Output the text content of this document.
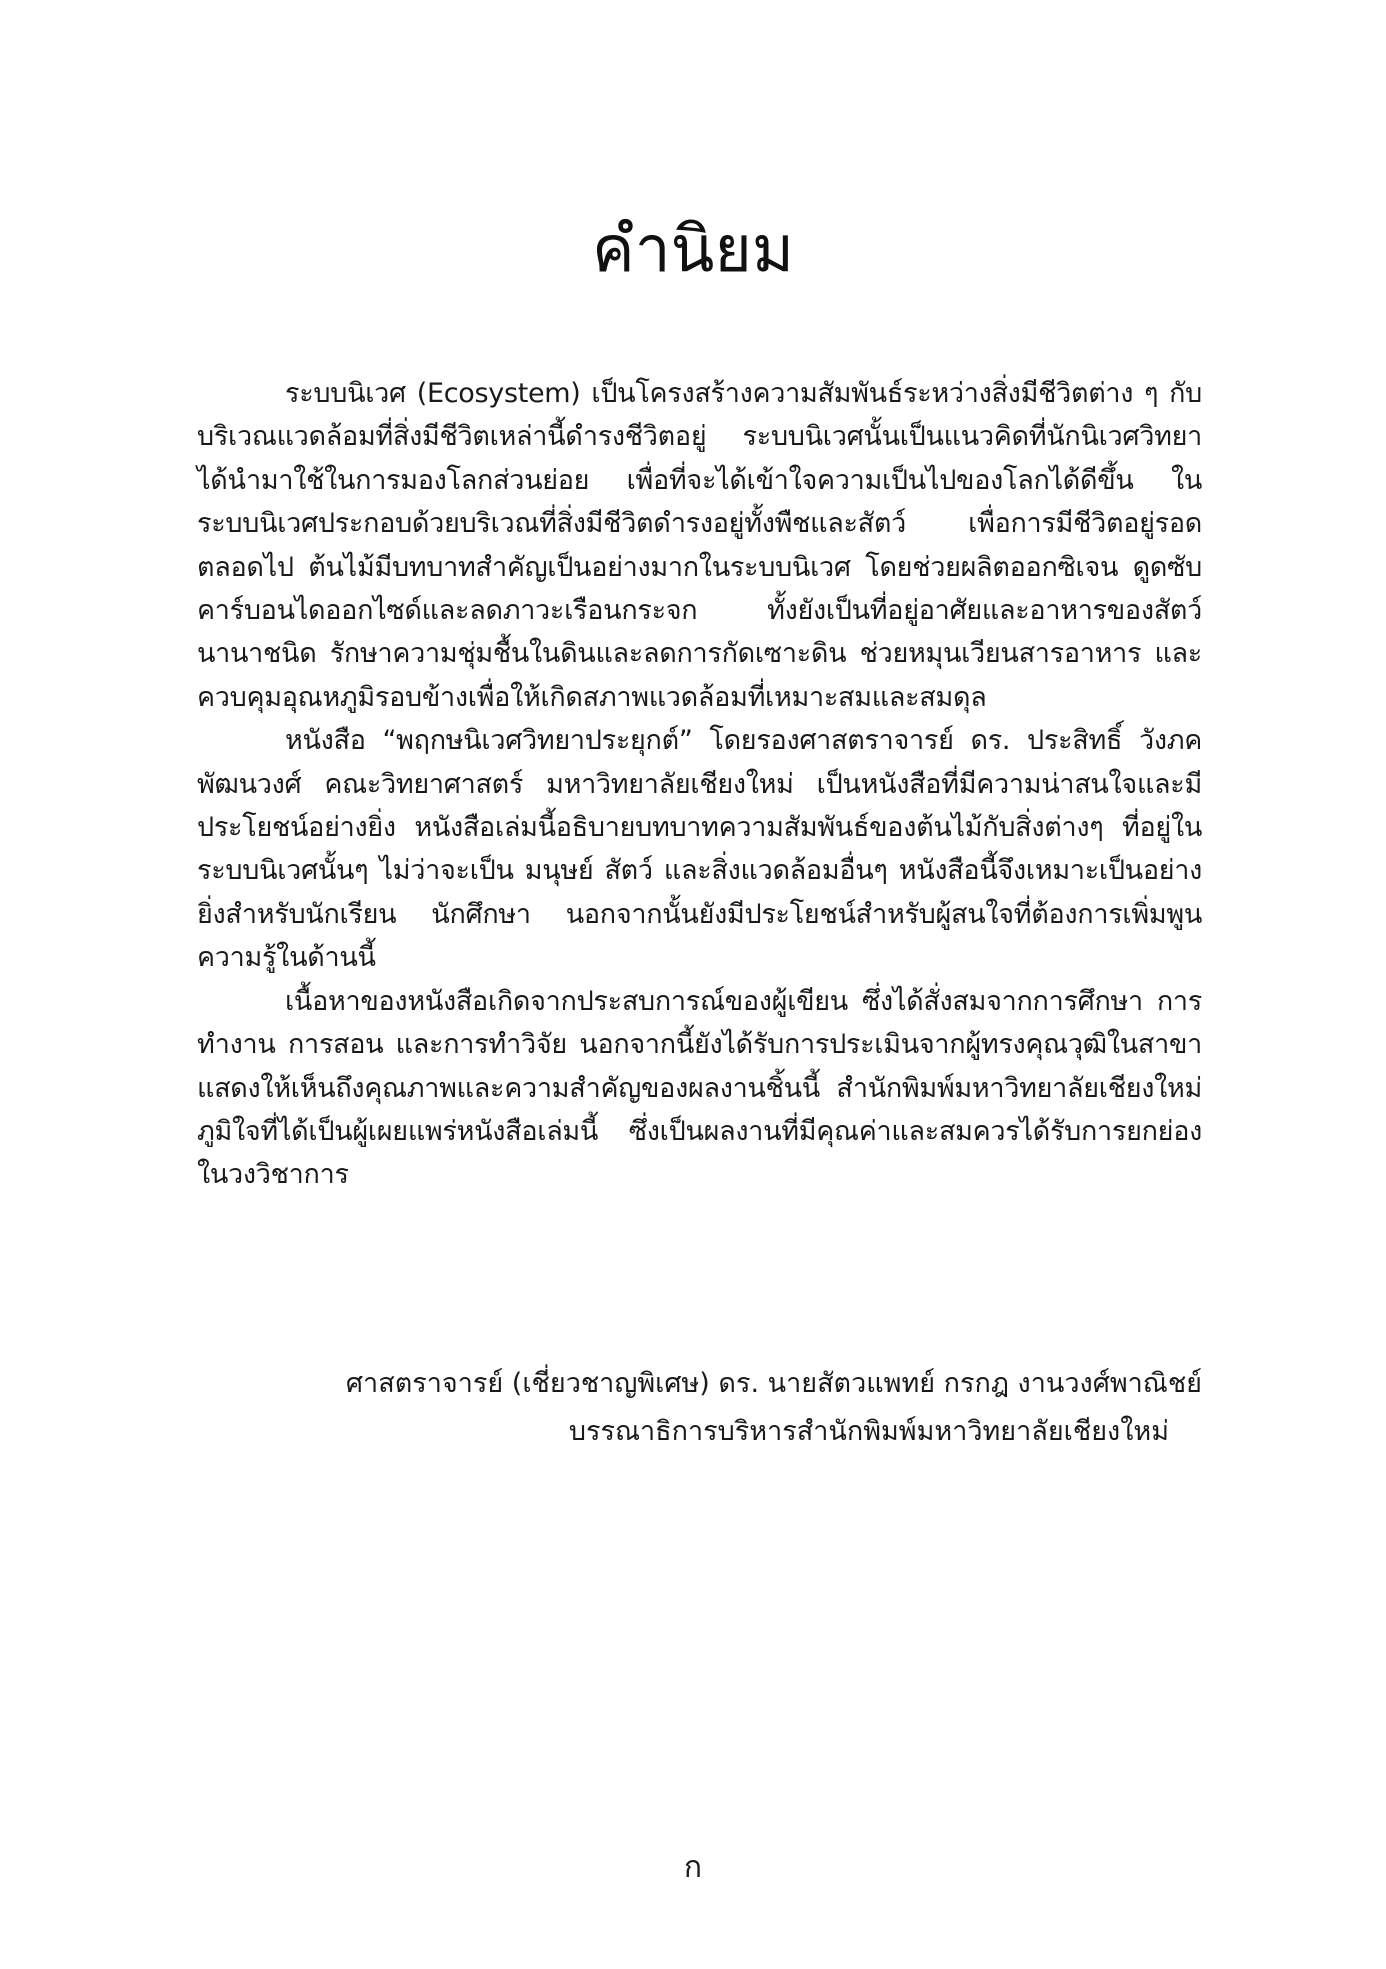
คำนิยม

ระบบนิเวศ (Ecosystem) เป็นโครงสร้างความสัมพันธ์ระหว่างสิ่งมีชีวิตต่าง ๆ กับบริเวณแวดล้อมที่สิ่งมีชีวิตเหล่านี้ดำรงชีวิตอยู่ ระบบนิเวศนั้นเป็นแนวคิดที่นักนิเวศวิทยาได้นำมาใช้ในการมองโลกส่วนย่อย เพื่อที่จะได้เข้าใจความเป็นไปของโลกได้ดีขึ้น ในระบบนิเวศประกอบด้วยบริเวณที่สิ่งมีชีวิตดำรงอยู่ทั้งพืชและสัตว์ เพื่อการมีชีวิตอยู่รอดตลอดไป ต้นไม้มีบทบาทสำคัญเป็นอย่างมากในระบบนิเวศ โดยช่วยผลิตออกซิเจน ดูดซับคาร์บอนไดออกไซด์และลดภาวะเรือนกระจก ทั้งยังเป็นที่อยู่อาศัยและอาหารของสัตว์นานาชนิด รักษาความชุ่มชื้นในดินและลดการกัดเซาะดิน ช่วยหมุนเวียนสารอาหาร และควบคุมอุณหภูมิรอบข้างเพื่อให้เกิดสภาพแวดล้อมที่เหมาะสมและสมดุล

หนังสือ “พฤกษนิเวศวิทยาประยุกต์” โดยรองศาสตราจารย์ ดร. ประสิทธิ์ วังภคพัฒนวงศ์ คณะวิทยาศาสตร์ มหาวิทยาลัยเชียงใหม่ เป็นหนังสือที่มีความน่าสนใจและมีประโยชน์อย่างยิ่ง หนังสือเล่มนี้อธิบายบทบาทความสัมพันธ์ของต้นไม้กับสิ่งต่างๆ ที่อยู่ในระบบนิเวศนั้นๆ ไม่ว่าจะเป็น มนุษย์ สัตว์ และสิ่งแวดล้อมอื่นๆ หนังสือนี้จึงเหมาะเป็นอย่างยิ่งสำหรับนักเรียน นักศึกษา นอกจากนั้นยังมีประโยชน์สำหรับผู้สนใจที่ต้องการเพิ่มพูนความรู้ในด้านนี้

เนื้อหาของหนังสือเกิดจากประสบการณ์ของผู้เขียน ซึ่งได้สั่งสมจากการศึกษา การทำงาน การสอน และการทำวิจัย นอกจากนี้ยังได้รับการประเมินจากผู้ทรงคุณวุฒิในสาขา แสดงให้เห็นถึงคุณภาพและความสำคัญของผลงานชิ้นนี้ สำนักพิมพ์มหาวิทยาลัยเชียงใหม่ภูมิใจที่ได้เป็นผู้เผยแพร่หนังสือเล่มนี้ ซึ่งเป็นผลงานที่มีคุณค่าและสมควรได้รับการยกย่องในวงวิชาการ

ศาสตราจารย์ (เชี่ยวชาญพิเศษ) ดร. นายสัตวแพทย์ กรกฎ งานวงศ์พาณิชย์
บรรณาธิการบริหารสำนักพิมพ์มหาวิทยาลัยเชียงใหม่
ก
